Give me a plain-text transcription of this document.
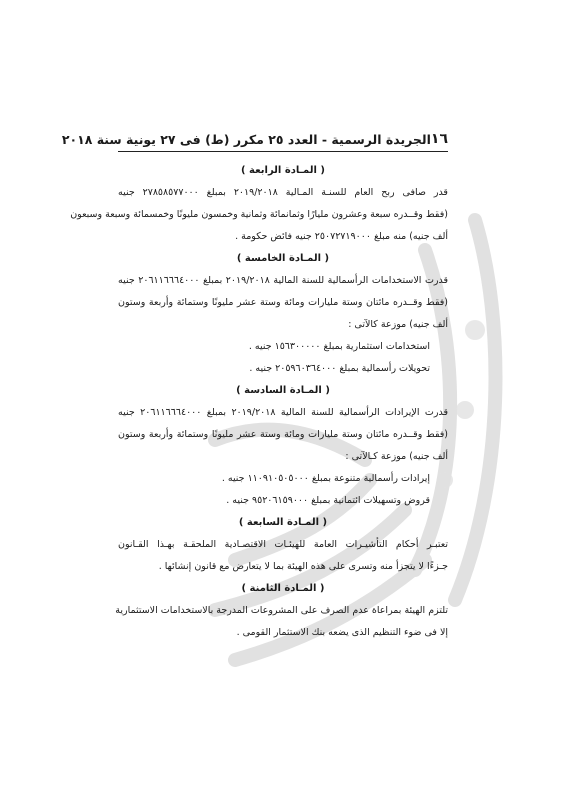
١٦
الجريدة الرسمية - العدد ٢٥ مكرر (ط) فى ٢٧ يونية سنة ٢٠١٨
( المـادة الرابعة )
قدر صافى ربح العام للسنـة المـالية ٢٠١٩/٢٠١٨ بمبلغ ٢٧٨٥٨٥٧٧٠٠٠ جنيه
(فقط وقــدره سبعة وعشرون مليارًا وثمانمائة وثمانية وخمسون مليونًا وخمسمائة وسبعة وسبعون
ألف جنيه) منه مبلغ ٢٥٠٧٢٧١٩٠٠٠ جنيه فائض حكومة .
( المـادة الخامسة )
قدرت الاستخدامات الرأسمالية للسنة المالية ٢٠١٩/٢٠١٨ بمبلغ ٢٠٦١١٦٦٦٤٠٠٠ جنيه
(فقط وقــدره مائتان وستة مليارات ومائة وستة عشر مليونًا وستمائة وأربعة وستون
ألف جنيه) موزعة كالآتى :
استخدامات استثمارية بمبلغ ١٥٦٣٠٠٠٠٠ جنيه .
تحويلات رأسمالية بمبلغ ٢٠٥٩٦٠٣٦٤٠٠٠ جنيه .
( المـادة السادسة )
قدرت الإيرادات الرأسمالية للسنة المالية ٢٠١٩/٢٠١٨ بمبلغ ٢٠٦١١٦٦٦٤٠٠٠ جنيه
(فقط وقــدره مائتان وستة مليارات ومائة وستة عشر مليونًا وستمائة وأربعة وستون
ألف جنيه) موزعة كـالآتى :
إيرادات رأسمالية متنوعة بمبلغ ١١٠٩١٠٥٠٥٠٠٠ جنيه .
قروض وتسهيلات ائتمانية بمبلغ ٩٥٢٠٦١٥٩٠٠٠ جنيه .
( المـادة السابعة )
تعتبـر أحكام التأشيـرات العامة للهيئـات الاقتصـادية الملحقـة بهـذا القـانون
جـزءًا لا يتجزأ منه وتسرى على هذه الهيئة بما لا يتعارض مع قانون إنشائها .
( المـادة الثامنة )
تلتزم الهيئة بمراعاة عدم الصرف على المشروعات المدرجة بالاستخدامات الاستثمارية
إلا فى ضوء التنظيم الذى يضعه بنك الاستثمار القومى .
